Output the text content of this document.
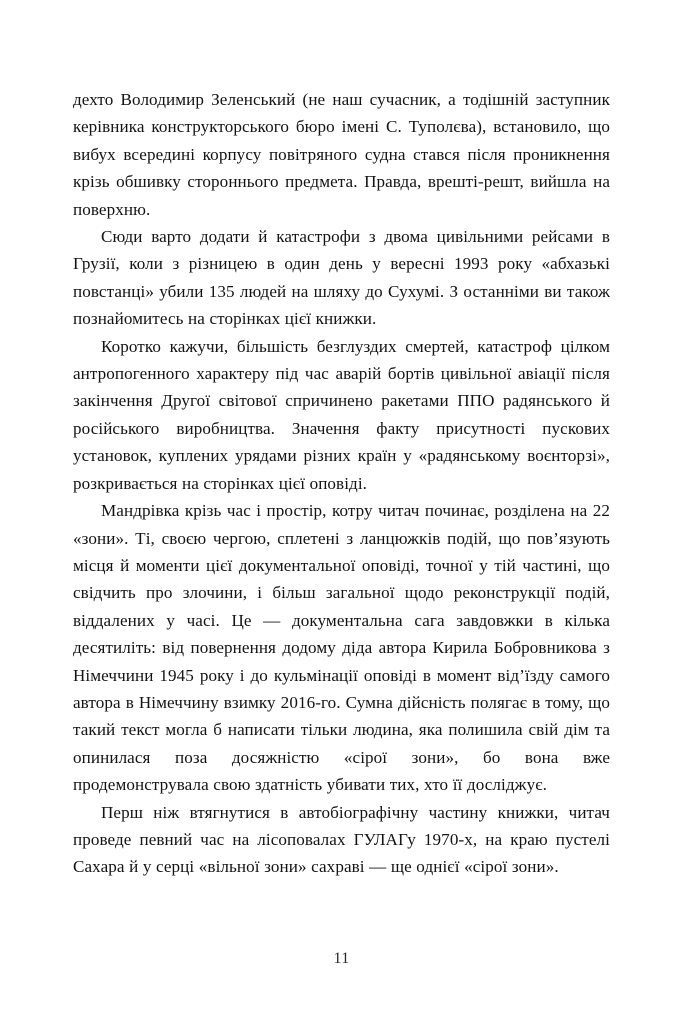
дехто Володимир Зеленський (не наш сучасник, а тодішній заступник керівника конструкторського бюро імені С. Туполєва), встановило, що вибух всередині корпусу повітряного судна стався після проникнення крізь обшивку стороннього предмета. Правда, врешті-решт, вийшла на поверхню.

Сюди варто додати й катастрофи з двома цивільними рейсами в Грузії, коли з різницею в один день у вересні 1993 року «абхазькі повстанці» убили 135 людей на шляху до Сухумі. З останніми ви також познайомитесь на сторінках цієї книжки.

Коротко кажучи, більшість безглуздих смертей, катастроф цілком антропогенного характеру під час аварій бортів цивільної авіації після закінчення Другої світової спричинено ракетами ППО радянського й російського виробництва. Значення факту присутності пускових установок, куплених урядами різних країн у «радянському воєнторзі», розкривається на сторінках цієї оповіді.

Мандрівка крізь час і простір, котру читач починає, розділена на 22 «зони». Ті, своєю чергою, сплетені з ланцюжків подій, що пов’язують місця й моменти цієї документальної оповіді, точної у тій частині, що свідчить про злочини, і більш загальної щодо реконструкції подій, віддалених у часі. Це — документальна сага завдовжки в кілька десятиліть: від повернення додому діда автора Кирила Бобровникова з Німеччини 1945 року і до кульмінації оповіді в момент від’їзду самого автора в Німеччину взимку 2016-го. Сумна дійсність полягає в тому, що такий текст могла б написати тільки людина, яка полишила свій дім та опинилася поза досяжністю «сірої зони», бо вона вже продемонструвала свою здатність убивати тих, хто її досліджує.

Перш ніж втягнутися в автобіографічну частину книжки, читач проведе певний час на лісоповалах ГУЛАГу 1970-х, на краю пустелі Сахара й у серці «вільної зони» сахраві — ще однієї «сірої зони».

11
